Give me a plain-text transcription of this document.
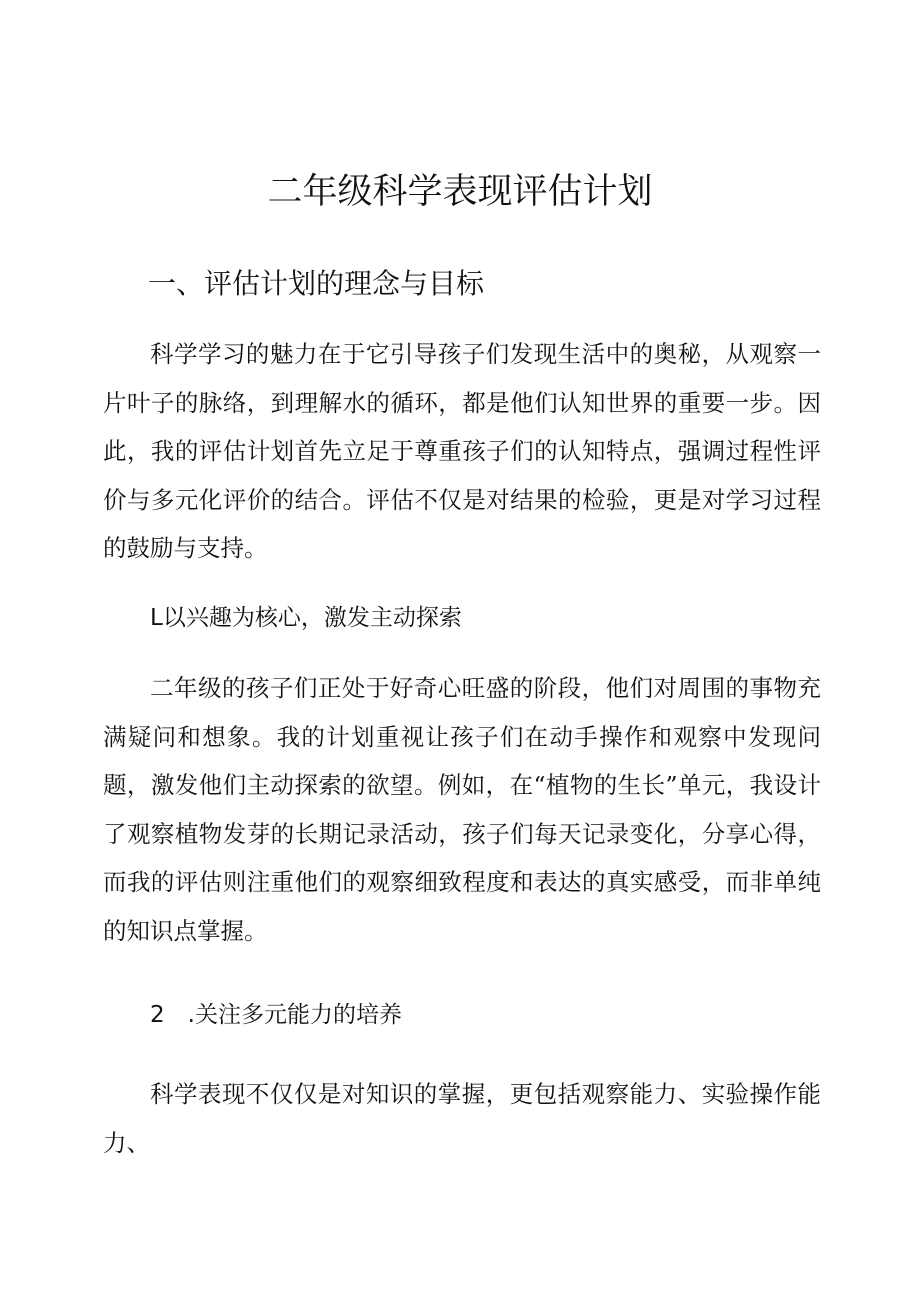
二年级科学表现评估计划
一、评估计划的理念与目标

科学学习的魅力在于它引导孩子们发现生活中的奥秘，从观察一片叶子的脉络，到理解水的循环，都是他们认知世界的重要一步。因此，我的评估计划首先立足于尊重孩子们的认知特点，强调过程性评价与多元化评价的结合。评估不仅是对结果的检验，更是对学习过程的鼓励与支持。

L以兴趣为核心，激发主动探索

二年级的孩子们正处于好奇心旺盛的阶段，他们对周围的事物充满疑问和想象。我的计划重视让孩子们在动手操作和观察中发现问题，激发他们主动探索的欲望。例如，在“植物的生长”单元，我设计了观察植物发芽的长期记录活动，孩子们每天记录变化，分享心得，而我的评估则注重他们的观察细致程度和表达的真实感受，而非单纯的知识点掌握。

2　.关注多元能力的培养

科学表现不仅仅是对知识的掌握，更包括观察能力、实验操作能力、
